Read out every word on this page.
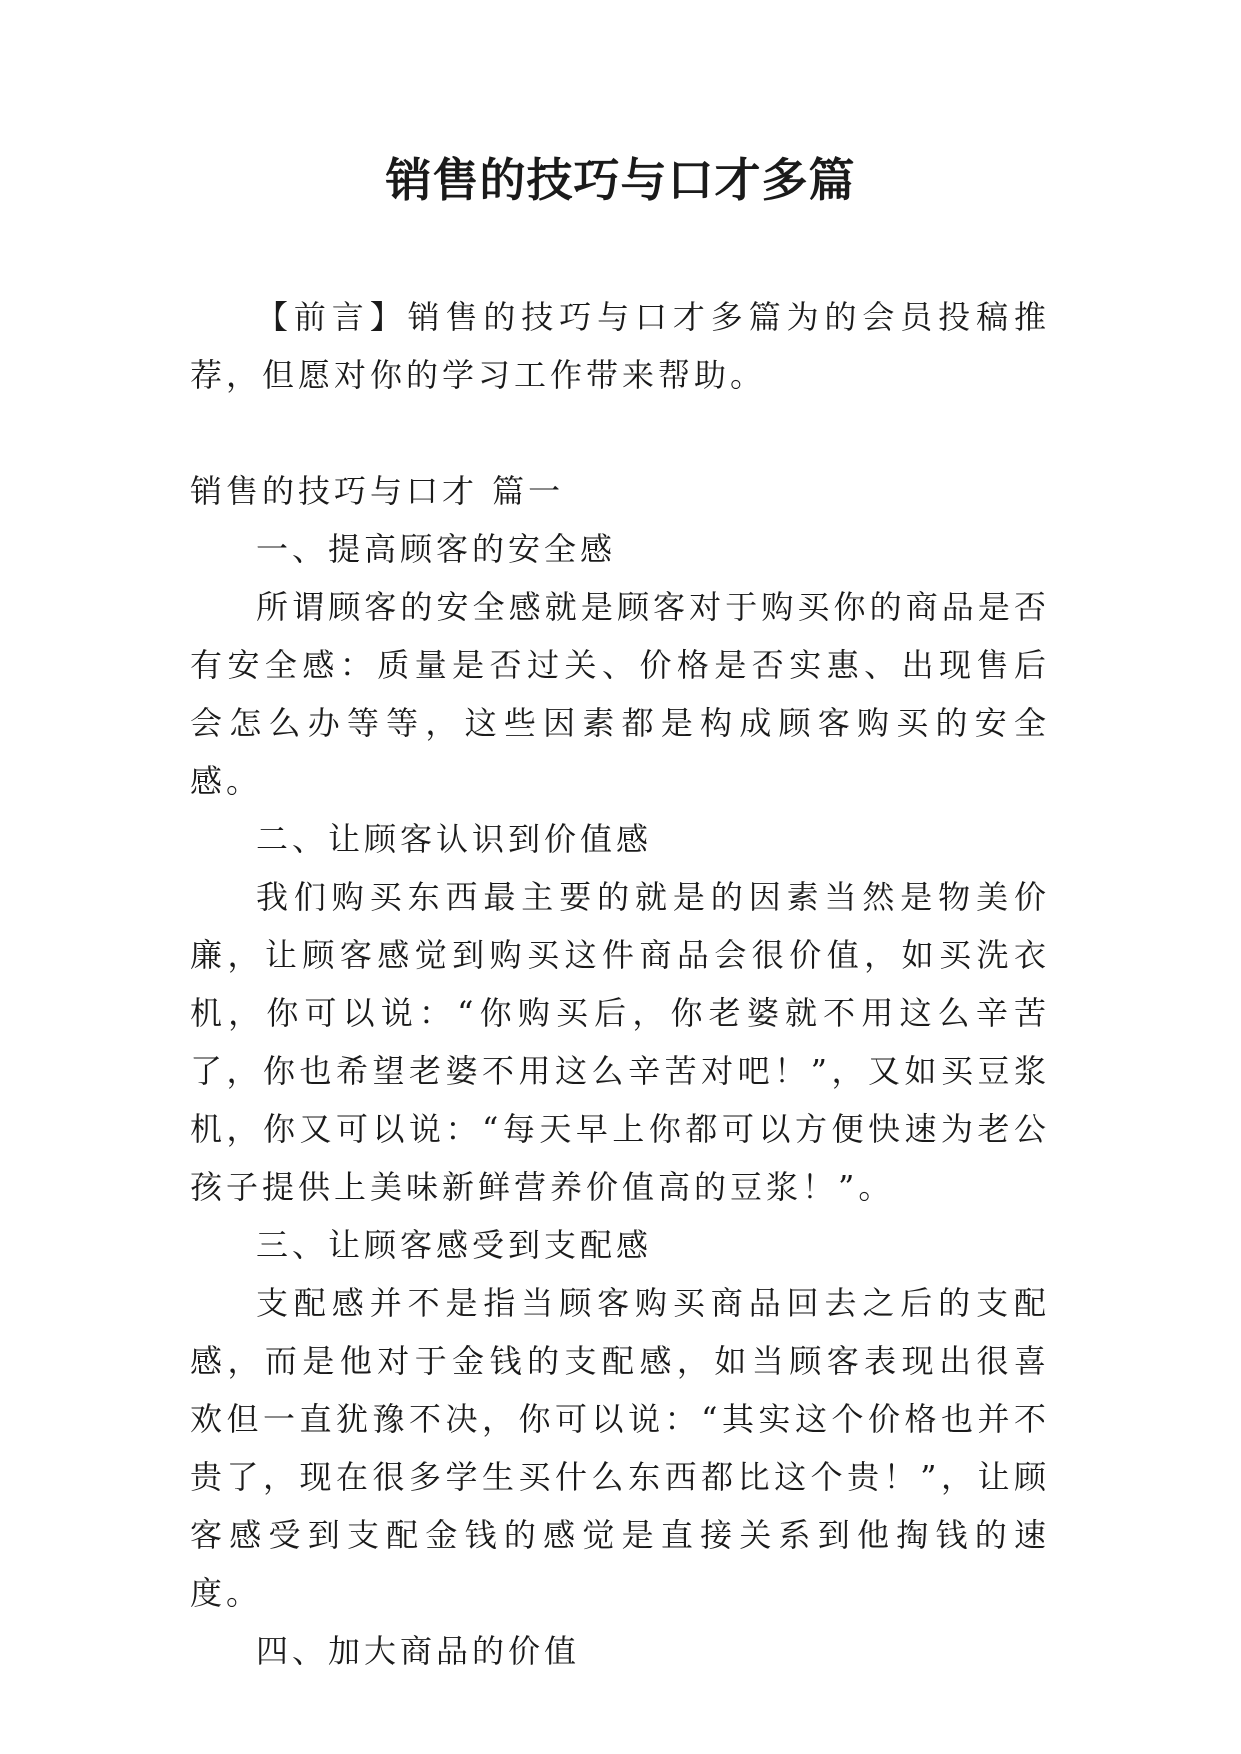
销售的技巧与口才多篇

【前言】销售的技巧与口才多篇为的会员投稿推荐，但愿对你的学习工作带来帮助。

销售的技巧与口才 篇一

一、提高顾客的安全感

所谓顾客的安全感就是顾客对于购买你的商品是否有安全感：质量是否过关、价格是否实惠、出现售后会怎么办等等，这些因素都是构成顾客购买的安全感。

二、让顾客认识到价值感

我们购买东西最主要的就是的因素当然是物美价廉，让顾客感觉到购买这件商品会很价值，如买洗衣机，你可以说：“你购买后，你老婆就不用这么辛苦了，你也希望老婆不用这么辛苦对吧！”，又如买豆浆机，你又可以说：“每天早上你都可以方便快速为老公孩子提供上美味新鲜营养价值高的豆浆！”。

三、让顾客感受到支配感

支配感并不是指当顾客购买商品回去之后的支配感，而是他对于金钱的支配感，如当顾客表现出很喜欢但一直犹豫不决，你可以说：“其实这个价格也并不贵了，现在很多学生买什么东西都比这个贵！”，让顾客感受到支配金钱的感觉是直接关系到他掏钱的速度。

四、加大商品的价值
